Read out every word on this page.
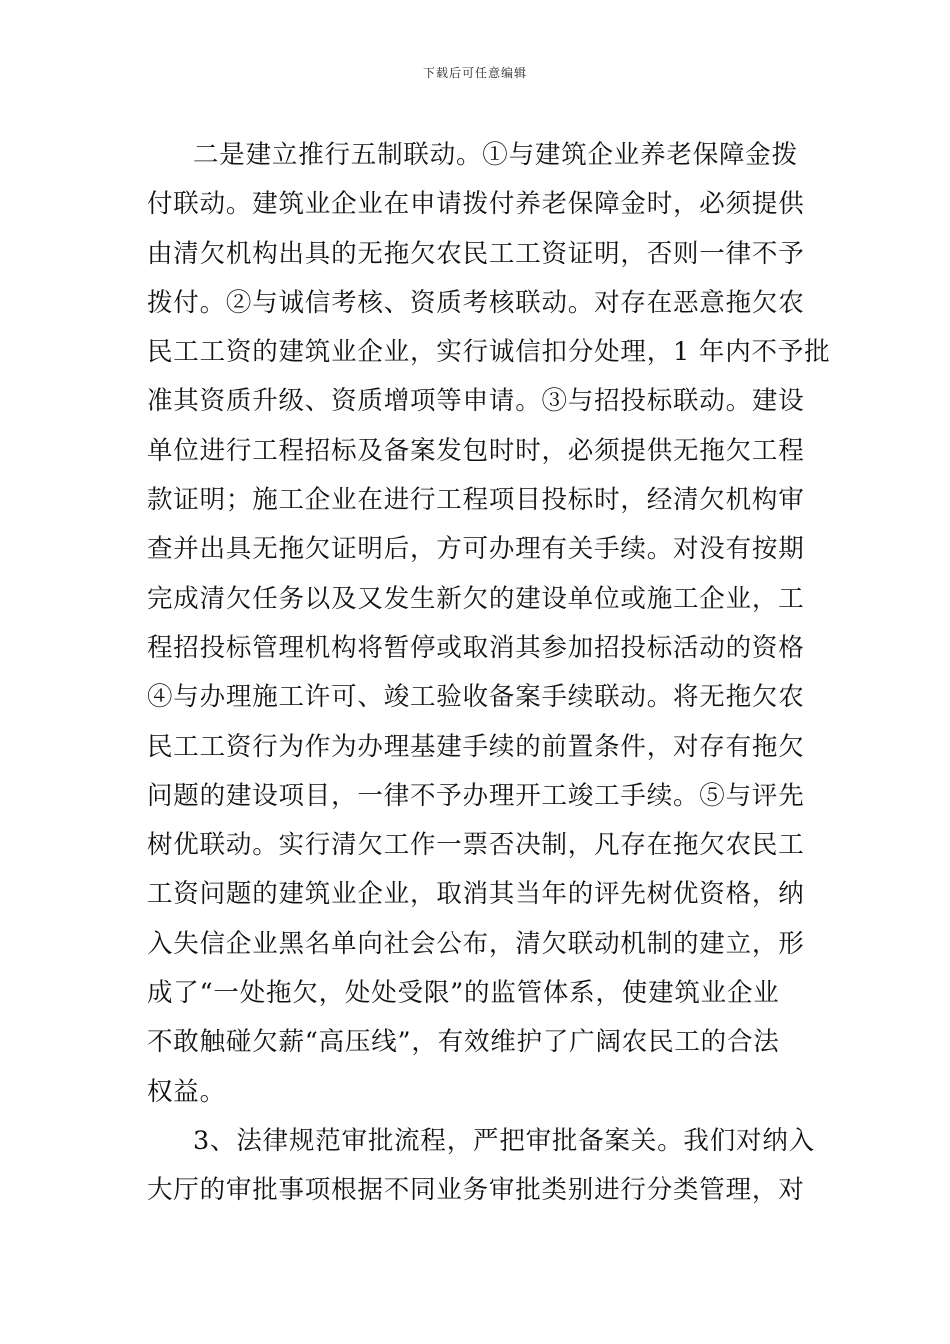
下载后可任意编辑
二是建立推行五制联动。①与建筑企业养老保障金拨
付联动。建筑业企业在申请拨付养老保障金时，必须提供
由清欠机构出具的无拖欠农民工工资证明，否则一律不予
拨付。②与诚信考核、资质考核联动。对存在恶意拖欠农
民工工资的建筑业企业，实行诚信扣分处理，1 年内不予批
准其资质升级、资质增项等申请。③与招投标联动。建设
单位进行工程招标及备案发包时时，必须提供无拖欠工程
款证明；施工企业在进行工程项目投标时，经清欠机构审
查并出具无拖欠证明后，方可办理有关手续。对没有按期
完成清欠任务以及又发生新欠的建设单位或施工企业，工
程招投标管理机构将暂停或取消其参加招投标活动的资格
④与办理施工许可、竣工验收备案手续联动。将无拖欠农
民工工资行为作为办理基建手续的前置条件，对存有拖欠
问题的建设项目，一律不予办理开工竣工手续。⑤与评先
树优联动。实行清欠工作一票否决制，凡存在拖欠农民工
工资问题的建筑业企业，取消其当年的评先树优资格，纳
入失信企业黑名单向社会公布，清欠联动机制的建立，形
成了“一处拖欠，处处受限”的监管体系，使建筑业企业
不敢触碰欠薪“高压线”，有效维护了广阔农民工的合法
权益。
3、法律规范审批流程，严把审批备案关。我们对纳入
大厅的审批事项根据不同业务审批类别进行分类管理，对
